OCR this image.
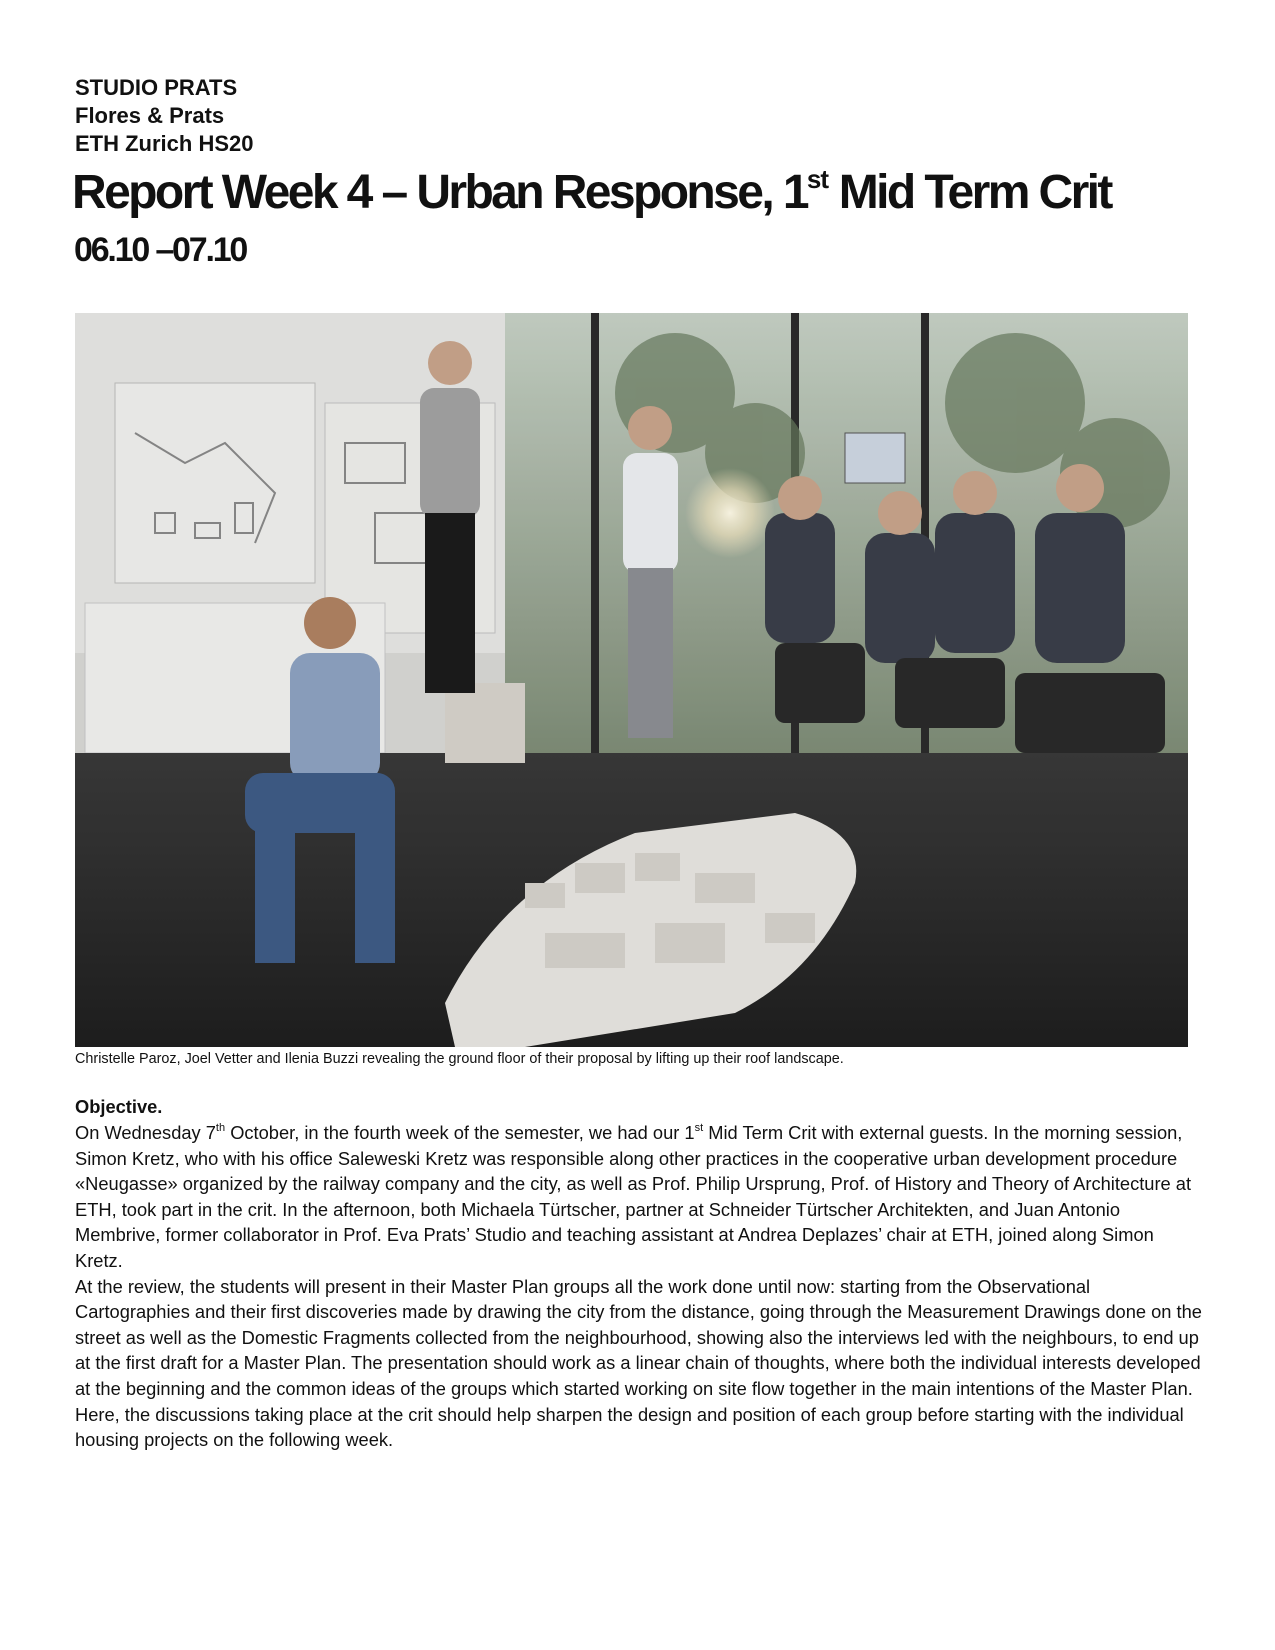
STUDIO PRATS
Flores & Prats
ETH Zurich HS20
Report Week 4 – Urban Response, 1st Mid Term Crit
06.10 –07.10
Christelle Paroz, Joel Vetter and Ilenia Buzzi revealing the ground floor of their proposal by lifting up their roof landscape.
Objective.

On Wednesday 7th October, in the fourth week of the semester, we had our 1st Mid Term Crit with external guests. In the morning session, Simon Kretz, who with his office Saleweski Kretz was responsible along other practices in the cooperative urban development procedure «Neugasse» organized by the railway company and the city, as well as Prof. Philip Ursprung, Prof. of History and Theory of Architecture at ETH, took part in the crit. In the afternoon, both Michaela Türtscher, partner at Schneider Türtscher Architekten, and Juan Antonio Membrive, former collaborator in Prof. Eva Prats’ Studio and teaching assistant at Andrea Deplazes’ chair at ETH, joined along Simon Kretz.

At the review, the students will present in their Master Plan groups all the work done until now: starting from the Observational Cartographies and their first discoveries made by drawing the city from the distance, going through the Measurement Drawings done on the street as well as the Domestic Fragments collected from the neighbourhood, showing also the interviews led with the neighbours, to end up at the first draft for a Master Plan. The presentation should work as a linear chain of thoughts, where both the individual interests developed at the beginning and the common ideas of the groups which started working on site flow together in the main intentions of the Master Plan. Here, the discussions taking place at the crit should help sharpen the design and position of each group before starting with the individual housing projects on the following week.
